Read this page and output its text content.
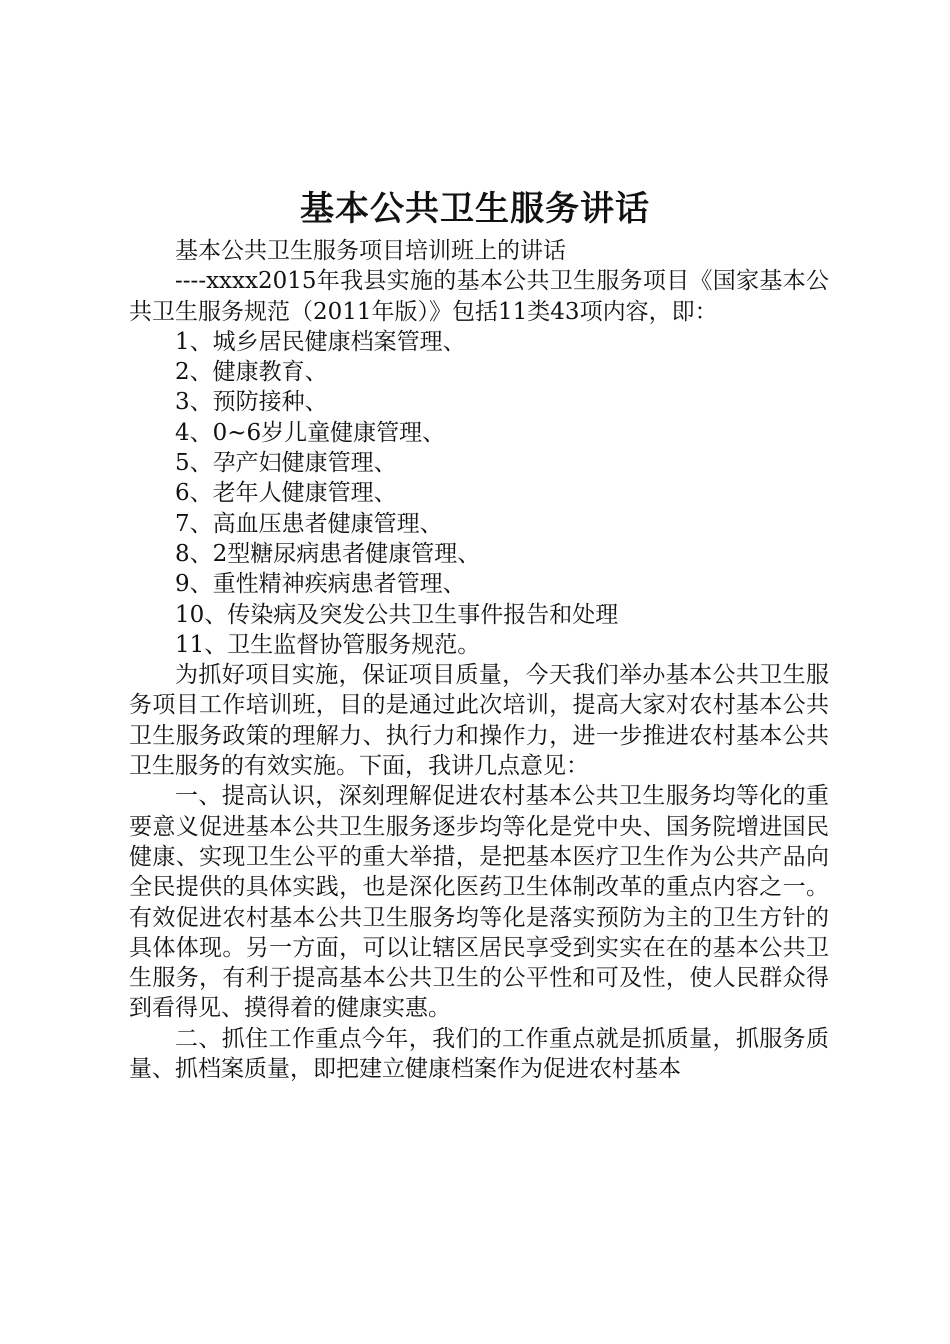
基本公共卫生服务讲话

基本公共卫生服务项目培训班上的讲话

----xxxx2015年我县实施的基本公共卫生服务项目《国家基本公共卫生服务规范（2011年版）》包括11类43项内容，即：

1、城乡居民健康档案管理、

2、健康教育、

3、预防接种、

4、0~6岁儿童健康管理、

5、孕产妇健康管理、

6、老年人健康管理、

7、高血压患者健康管理、

8、2型糖尿病患者健康管理、

9、重性精神疾病患者管理、

10、传染病及突发公共卫生事件报告和处理

11、卫生监督协管服务规范。

为抓好项目实施，保证项目质量，今天我们举办基本公共卫生服务项目工作培训班，目的是通过此次培训，提高大家对农村基本公共卫生服务政策的理解力、执行力和操作力，进一步推进农村基本公共卫生服务的有效实施。下面，我讲几点意见：

一、提高认识，深刻理解促进农村基本公共卫生服务均等化的重要意义促进基本公共卫生服务逐步均等化是党中央、国务院增进国民健康、实现卫生公平的重大举措，是把基本医疗卫生作为公共产品向全民提供的具体实践，也是深化医药卫生体制改革的重点内容之一。有效促进农村基本公共卫生服务均等化是落实预防为主的卫生方针的具体体现。另一方面，可以让辖区居民享受到实实在在的基本公共卫生服务，有利于提高基本公共卫生的公平性和可及性，使人民群众得到看得见、摸得着的健康实惠。

二、抓住工作重点今年，我们的工作重点就是抓质量，抓服务质量、抓档案质量，即把建立健康档案作为促进农村基本
